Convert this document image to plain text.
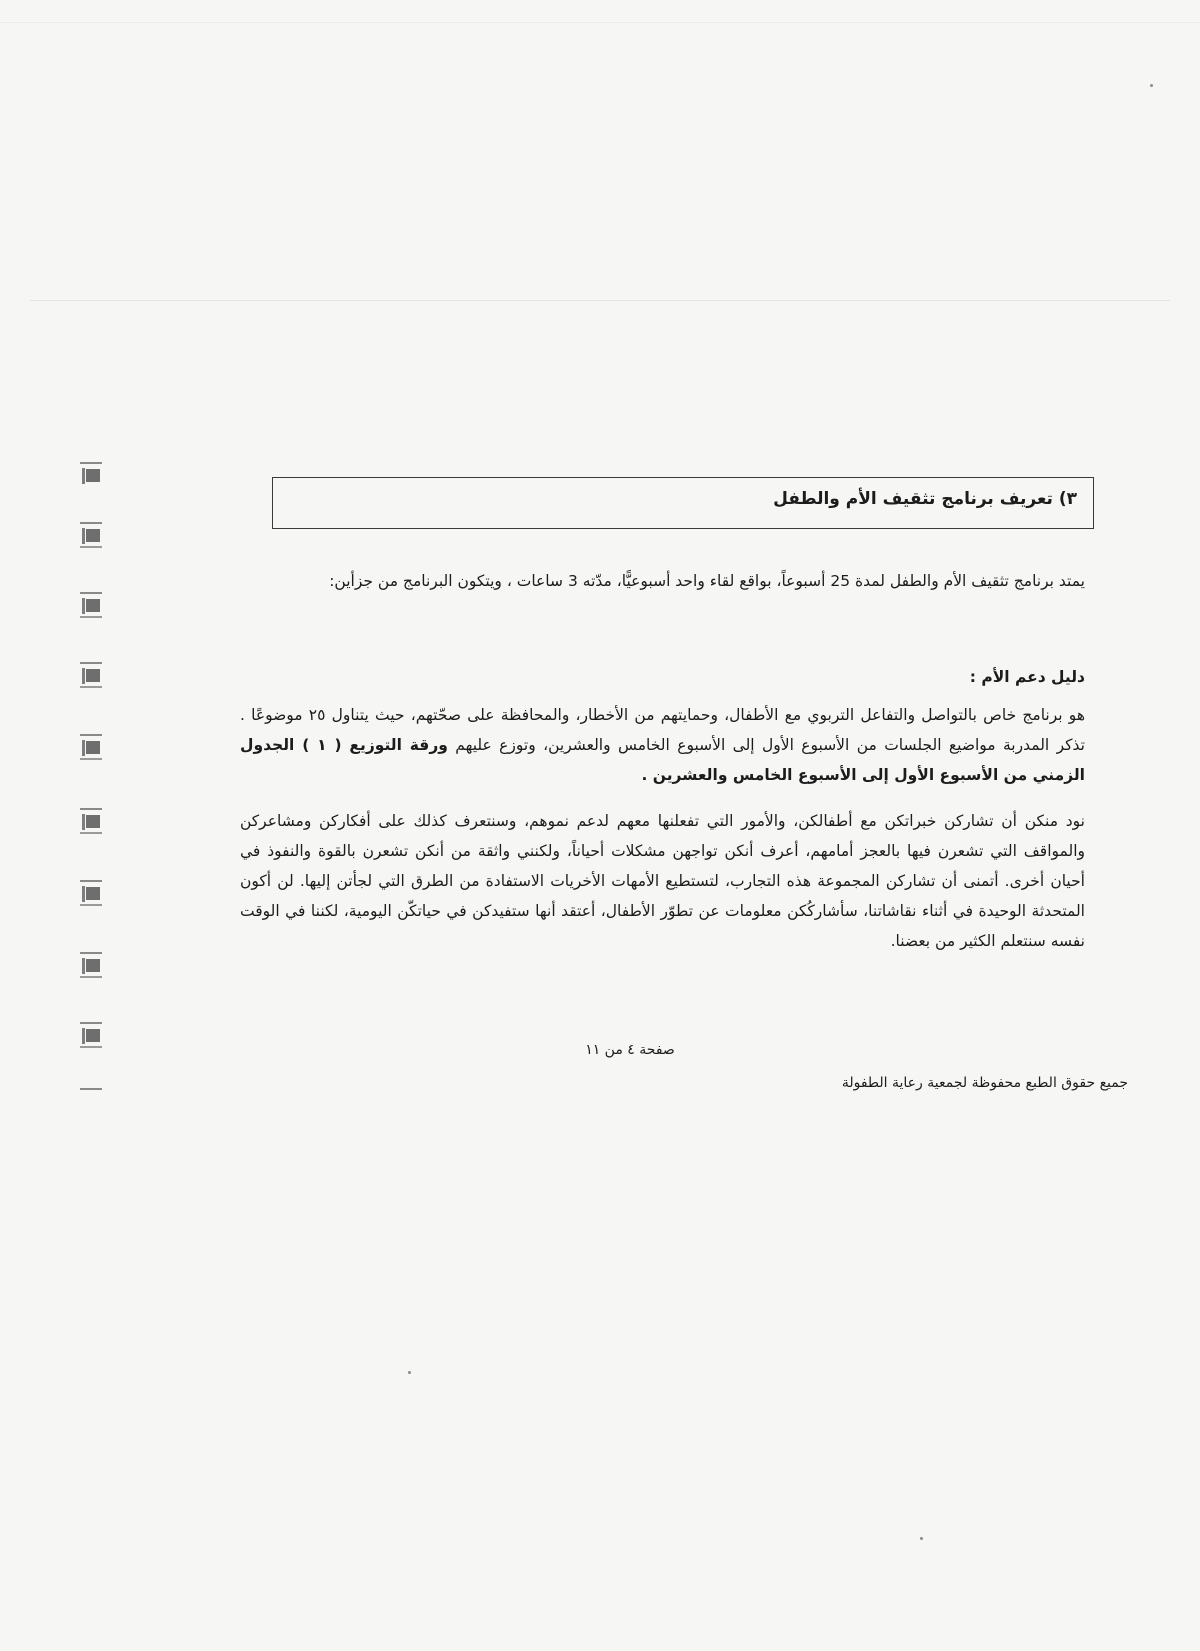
٣) تعريف برنامج تثقيف الأم والطفل

يمتد برنامج تثقيف الأم والطفل لمدة 25 أسبوعاً، بواقع لقاء واحد أسبوعيًّا، مدّته 3 ساعات ، ويتكون البرنامج من جزأين:

دليل دعم الأم :

هو برنامج خاص بالتواصل والتفاعل التربوي مع الأطفال، وحمايتهم من الأخطار، والمحافظة على صحّتهم، حيث يتناول ٢٥ موضوعًا . تذكر المدربة مواضيع الجلسات من الأسبوع الأول إلى الأسبوع الخامس والعشرين، وتوزع عليهم ورقة التوزيع ( ١ ) الجدول الزمني من الأسبوع الأول إلى الأسبوع الخامس والعشرين .

نود منكن أن تشاركن خبراتكن مع أطفالكن، والأمور التي تفعلنها معهم لدعم نموهم، وسنتعرف كذلك على أفكاركن ومشاعركن والمواقف التي تشعرن فيها بالعجز أمامهم، أعرف أنكن تواجهن مشكلات أحياناً، ولكنني واثقة من أنكن تشعرن بالقوة والنفوذ في أحيان أخرى. أتمنى أن تشاركن المجموعة هذه التجارب، لتستطيع الأمهات الأخريات الاستفادة من الطرق التي لجأتن إليها. لن أكون المتحدثة الوحيدة في أثناء نقاشاتنا، سأشاركُكن معلومات عن تطوّر الأطفال، أعتقد أنها ستفيدكن في حياتكّن اليومية، لكننا في الوقت نفسه سنتعلم الكثير من بعضنا.

صفحة ٤ من ١١
جميع حقوق الطبع محفوظة لجمعية رعاية الطفولة
